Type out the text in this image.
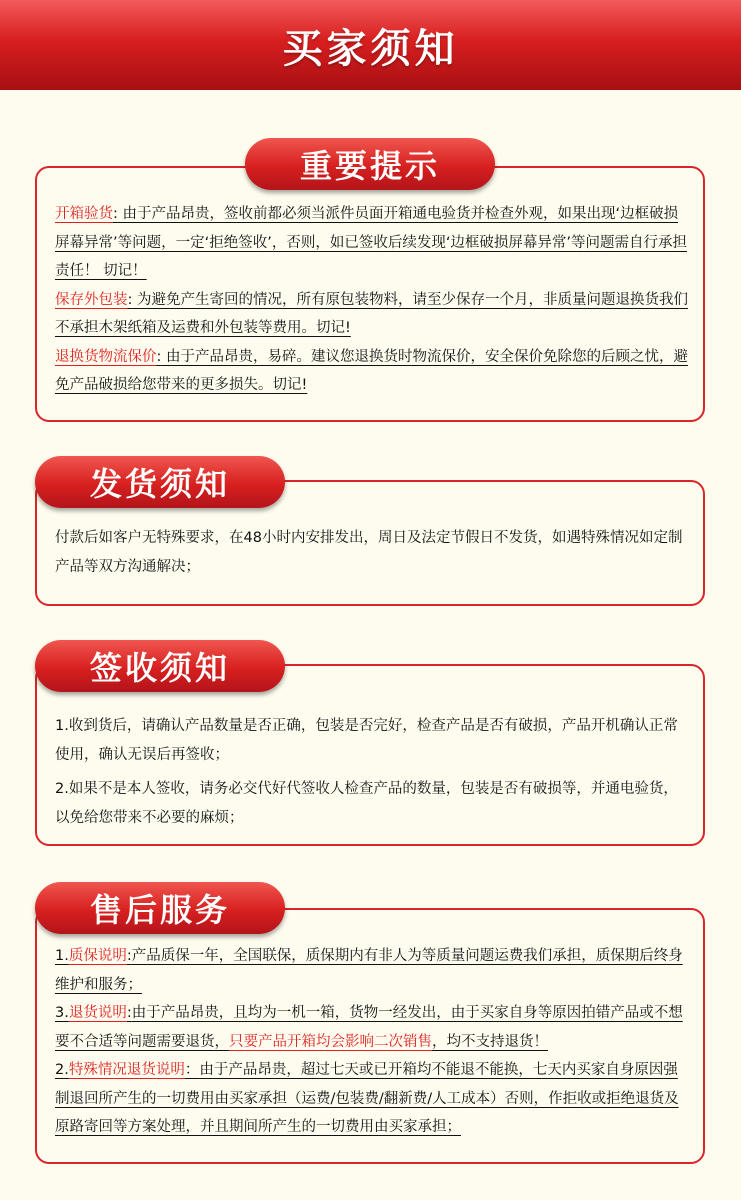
买家须知

开箱验货: 由于产品昂贵，签收前都必须当派件员面开箱通电验货并检查外观，如果出现‘边框破损屏幕异常’等问题，一定‘拒绝签收’，否则，如已签收后续发现‘边框破损屏幕异常’等问题需自行承担责任！ 切记！

保存外包装: 为避免产生寄回的情况，所有原包装物料，请至少保存一个月，非质量问题退换货我们不承担木架纸箱及运费和外包装等费用。切记!

退换货物流保价: 由于产品昂贵，易碎。建议您退换货时物流保价，安全保价免除您的后顾之忧，避免产品破损给您带来的更多损失。切记!

重要提示

付款后如客户无特殊要求，在48小时内安排发出，周日及法定节假日不发货，如遇特殊情况如定制产品等双方沟通解决；

发货须知

1.收到货后，请确认产品数量是否正确，包装是否完好，检查产品是否有破损，产品开机确认正常使用，确认无误后再签收；

2.如果不是本人签收，请务必交代好代签收人检查产品的数量，包装是否有破损等，并通电验货，以免给您带来不必要的麻烦；

签收须知

1.质保说明:产品质保一年，全国联保，质保期内有非人为等质量问题运费我们承担，质保期后终身维护和服务；

3.退货说明:由于产品昂贵，且均为一机一箱，货物一经发出，由于买家自身等原因拍错产品或不想要不合适等问题需要退货，只要产品开箱均会影响二次销售，均不支持退货！

2.特殊情况退货说明：由于产品昂贵，超过七天或已开箱均不能退不能换，七天内买家自身原因强制退回所产生的一切费用由买家承担（运费/包装费/翻新费/人工成本）否则，作拒收或拒绝退货及原路寄回等方案处理，并且期间所产生的一切费用由买家承担；

售后服务
